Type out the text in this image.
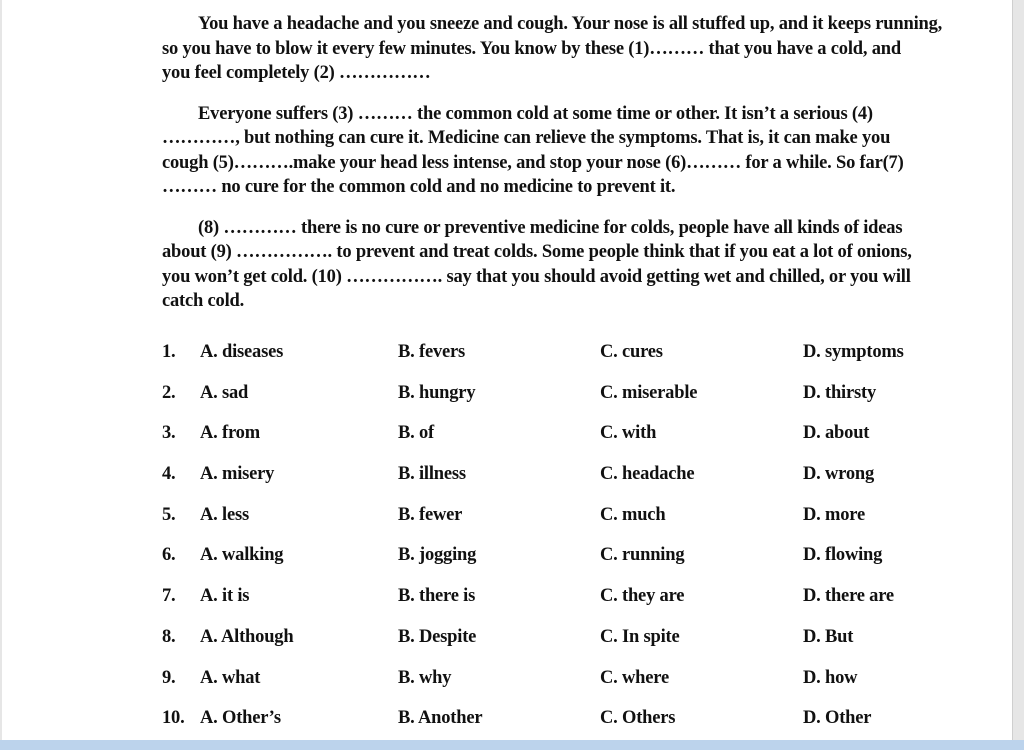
You have a headache and you sneeze and cough. Your nose is all stuffed up, and it keeps running,
so you have to blow it every few minutes. You know by these (1)……… that you have a cold, and
you feel completely (2) ……………

Everyone suffers (3) ……… the common cold at some time or other. It isn’t a serious (4)
…………, but nothing can cure it. Medicine can relieve the symptoms. That is, it can make you
cough (5)……….make your head less intense, and stop your nose (6)……… for a while. So far(7)
……… no cure for the common cold and no medicine to prevent it.

(8) ………… there is no cure or preventive medicine for colds, people have all kinds of ideas
about (9) ……………. to prevent and treat colds. Some people think that if you eat a lot of onions,
you won’t get cold. (10) ……………. say that you should avoid getting wet and chilled, or you will
catch cold.

1. A. diseases	B. fevers	C. cures	D. symptoms
2. A. sad	B. hungry	C. miserable	D. thirsty
3. A. from	B. of	C. with	D. about
4. A. misery	B. illness	C. headache	D. wrong
5. A. less	B. fewer	C. much	D. more
6. A. walking	B. jogging	C. running	D. flowing
7. A. it is	B. there is	C. they are	D. there are
8. A. Although	B. Despite	C. In spite	D. But
9. A. what	B. why	C. where	D. how
10. A. Other’s	B. Another	C. Others	D. Other
